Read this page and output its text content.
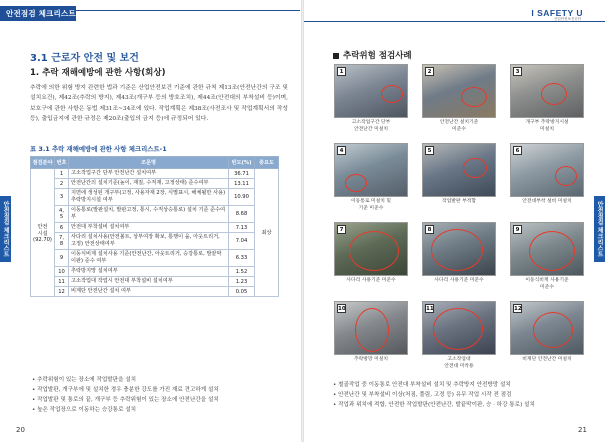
안전점검 체크리스트	I SAFETY U
산업안전보건공단
안전점검 체크리스트	안전점검 체크리스트
20	21
3.1 근로자 안전 및 보건
1. 추락 재해예방에 관한 사항(회상)

추락에 의한 위험 방지 관련한 법과 기준은 산업안전보건 기준에 관한 규칙 제13조(안전난간의 구조 및 설치요건), 제42조(추락의 방지), 제43조(개구부 등의 방호조치), 제44조(안전대의 부착설비 등)이며, 보호구에 관한 사항은 동법 제31조~34조에 있다. 작업계획은 제38조(사전조사 및 작업계획서의 작성 등), 출입금지에 관한 규정은 제20조(출입의 금지 등)에 규정되어 있다.

표 3.1 추락 재해예방에 관한 사항 체크리스트-1
점검분야	번호	조문명	빈도(%)	중요도
안전
시설
(92.70)	1	고소작업구간 단부 안전난간 설치여부	36.71	최상
	2	안전난간의 설치기준(높이, 재질, 수직재, 고정상태) 준수여부	13.11	
	3	지면에 생성된 개구부(고정, 사용자재 2장, 식별표시, 해체될만 사용)추락방지시설 여부	10.90	
	4, 5	이동통로(발판설치, 발판고정, 통시, 수직상승통로) 설치 기준 준수여부	8.68	
	6	안전대 부착설비 설치여부	7.13	
	7, 8	사다리 설치사용(안전볼트, 상부여장 확보, 통행이 을, 아웃트리거, 고정) 안전상태여부	7.04	
	9	이동식비계 설치사용 기준(안전난간, 아웃트리거, 승강통로, 발끝막이판) 준수 여부	6.33	
	10	추락방지망 설치여부	1.52	
	11	고소작업대 작업시 안전대 부착설비 설치여부	1.23	
	12	비계단 안전난간 설치 여부	0.05	
• 추락위험이 있는 장소에 작업발판을 설치
• 작업발판, 개구부에 및 설치한 경우 충분한 강도를 가진 재료 견고하게 설치
• 작업발판 및 통로의 끝, 개구부 등 추락위험이 있는 장소에 안전난간을 설치
• 높은 작업장으로 이동하는 승강통로 설치
추락위험 점검사례
1
고소작업구간 단부
안전난간 미설치
2
안전난간 설치기준
미준수
3
개구부 추락방지시설
미설치
4
이동통로 미설치 및
기준 미준수
5
작업발판 부적합
6
안전대부착 설비 미설치
7
사다리 사용기준 미준수
8
사다리 사용기준 미준수
9
이동식비계 사용기준
미준수
10
추락방망 미설치
11
고소작업대
안전대 미착용
12
비계단 안전난간 미설치
• 철골작업 중 이동통로 안전대 부착설비 설치 및 추락방지 안전방망 설치
• 안전난간 및 부착설비 이상(처짐, 풀림, 고정 등) 유무 작업 시작 전 점검
• 작업과 위치에 적합, 안전한 작업발판(안전난간, 발끝막이판, 승 · 하강 통로) 설치
